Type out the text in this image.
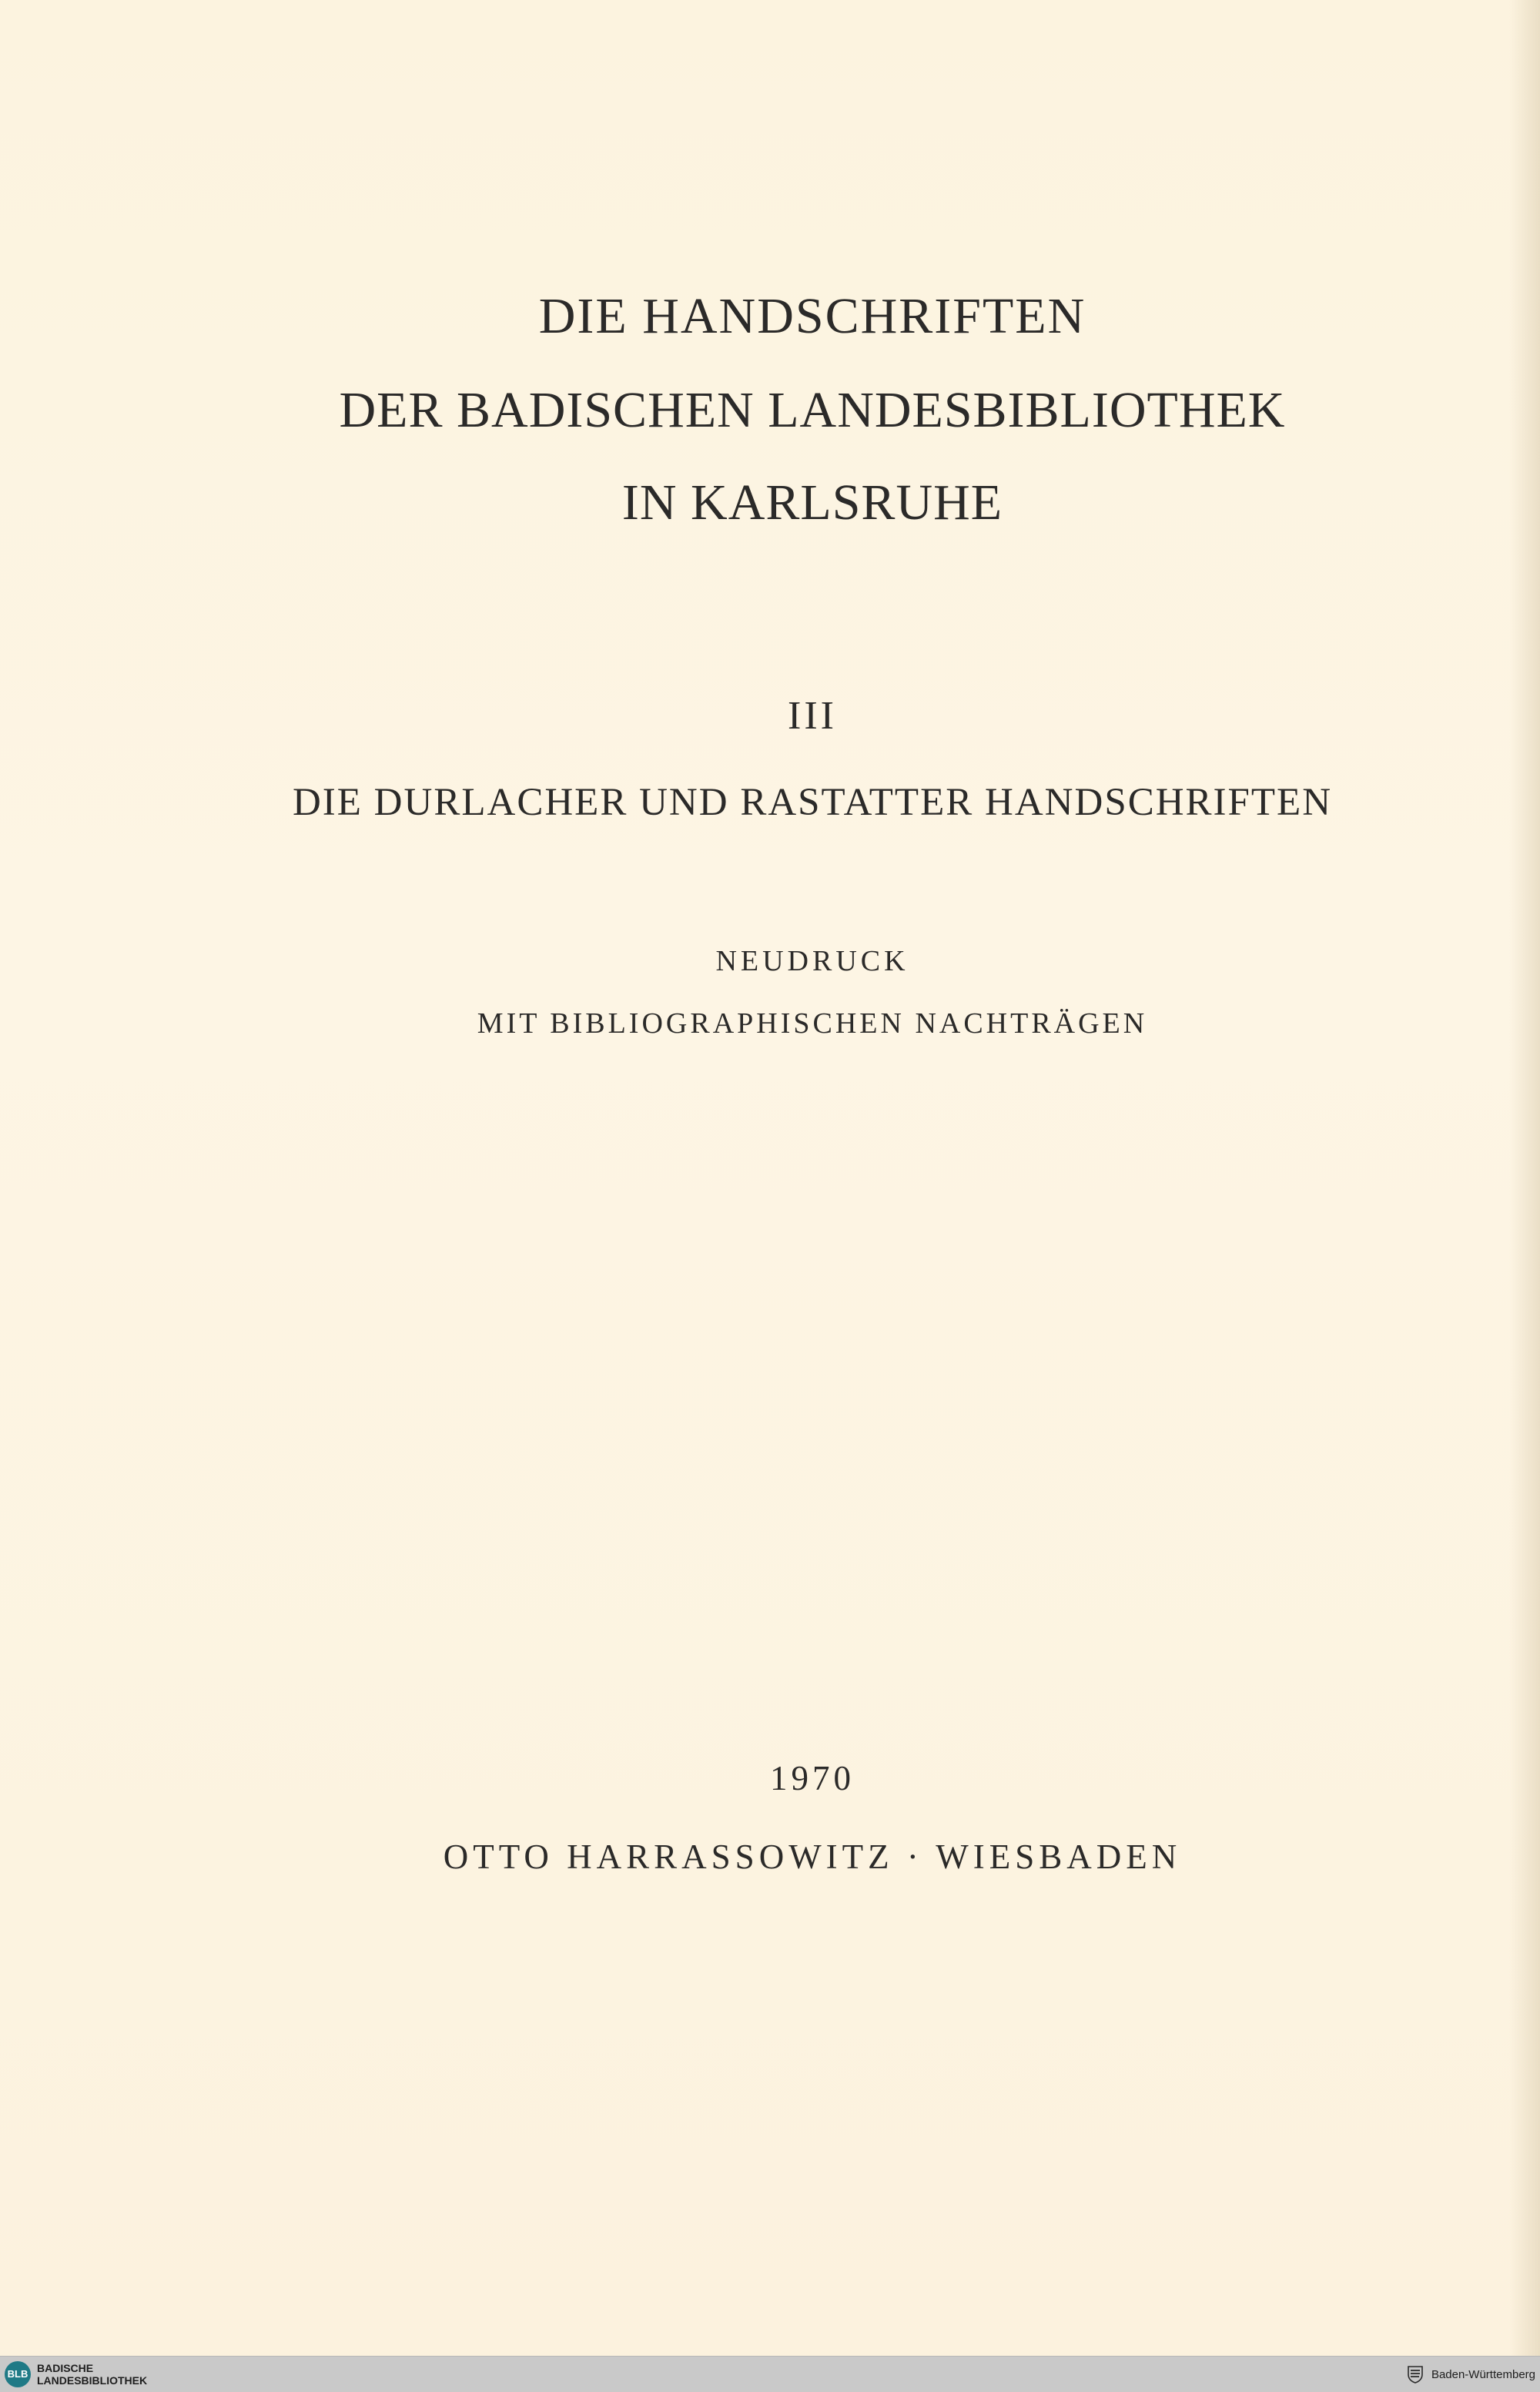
DIE HANDSCHRIFTEN
DER BADISCHEN LANDESBIBLIOTHEK
IN KARLSRUHE

III

DIE DURLACHER UND RASTATTER HANDSCHRIFTEN

NEUDRUCK

MIT BIBLIOGRAPHISCHEN NACHTRÄGEN

1970

OTTO HARRASSOWITZ · WIESBADEN

BLB BADISCHE
LANDESBIBLIOTHEK	Baden-Württemberg
